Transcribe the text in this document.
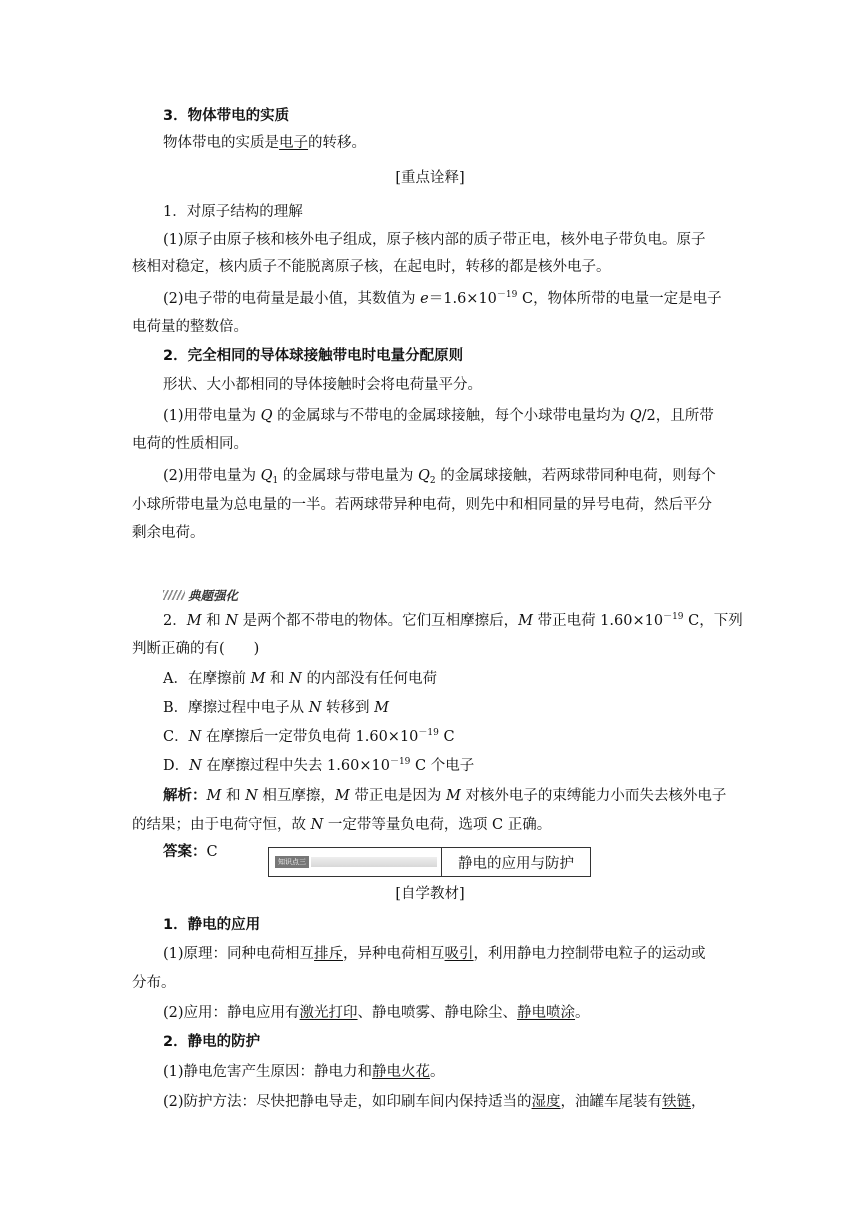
3．物体带电的实质
物体带电的实质是电子的转移。
[重点诠释]
1．对原子结构的理解
(1)原子由原子核和核外电子组成，原子核内部的质子带正电，核外电子带负电。原子
核相对稳定，核内质子不能脱离原子核，在起电时，转移的都是核外电子。
(2)电子带的电荷量是最小值，其数值为 $e=1.6\times 10^{-19}$ C，物体所带的电量一定是电子
电荷量的整数倍。
2．完全相同的导体球接触带电时电量分配原则
形状、大小都相同的导体接触时会将电荷量平分。
(1)用带电量为 Q 的金属球与不带电的金属球接触，每个小球带电量均为 Q/2，且所带
电荷的性质相同。
(2)用带电量为 $Q_1$ 的金属球与带电量为 $Q_2$ 的金属球接触，若两球带同种电荷，则每个
小球所带电量为总电量的一半。若两球带异种电荷，则先中和相同量的异号电荷，然后平分
剩余电荷。
典题强化
2．M 和 N 是两个都不带电的物体。它们互相摩擦后，M 带正电荷 $1.60\times 10^{-19}$ C，下列
判断正确的有(　　)
A．在摩擦前 M 和 N 的内部没有任何电荷
B．摩擦过程中电子从 N 转移到 M
C．N 在摩擦后一定带负电荷 $1.60\times 10^{-19}$ C
D．N 在摩擦过程中失去 $1.60\times 10^{-19}$ C 个电子
解析：M 和 N 相互摩擦，M 带正电是因为 M 对核外电子的束缚能力小而失去核外电子
的结果；由于电荷守恒，故 N 一定带等量负电荷，选项 C 正确。
答案：C
知识点三	静电的应用与防护
[自学教材]
1．静电的应用
(1)原理：同种电荷相互排斥，异种电荷相互吸引，利用静电力控制带电粒子的运动或
分布。
(2)应用：静电应用有激光打印、静电喷雾、静电除尘、静电喷涂。
2．静电的防护
(1)静电危害产生原因：静电力和静电火花。
(2)防护方法：尽快把静电导走，如印刷车间内保持适当的湿度，油罐车尾装有铁链，
